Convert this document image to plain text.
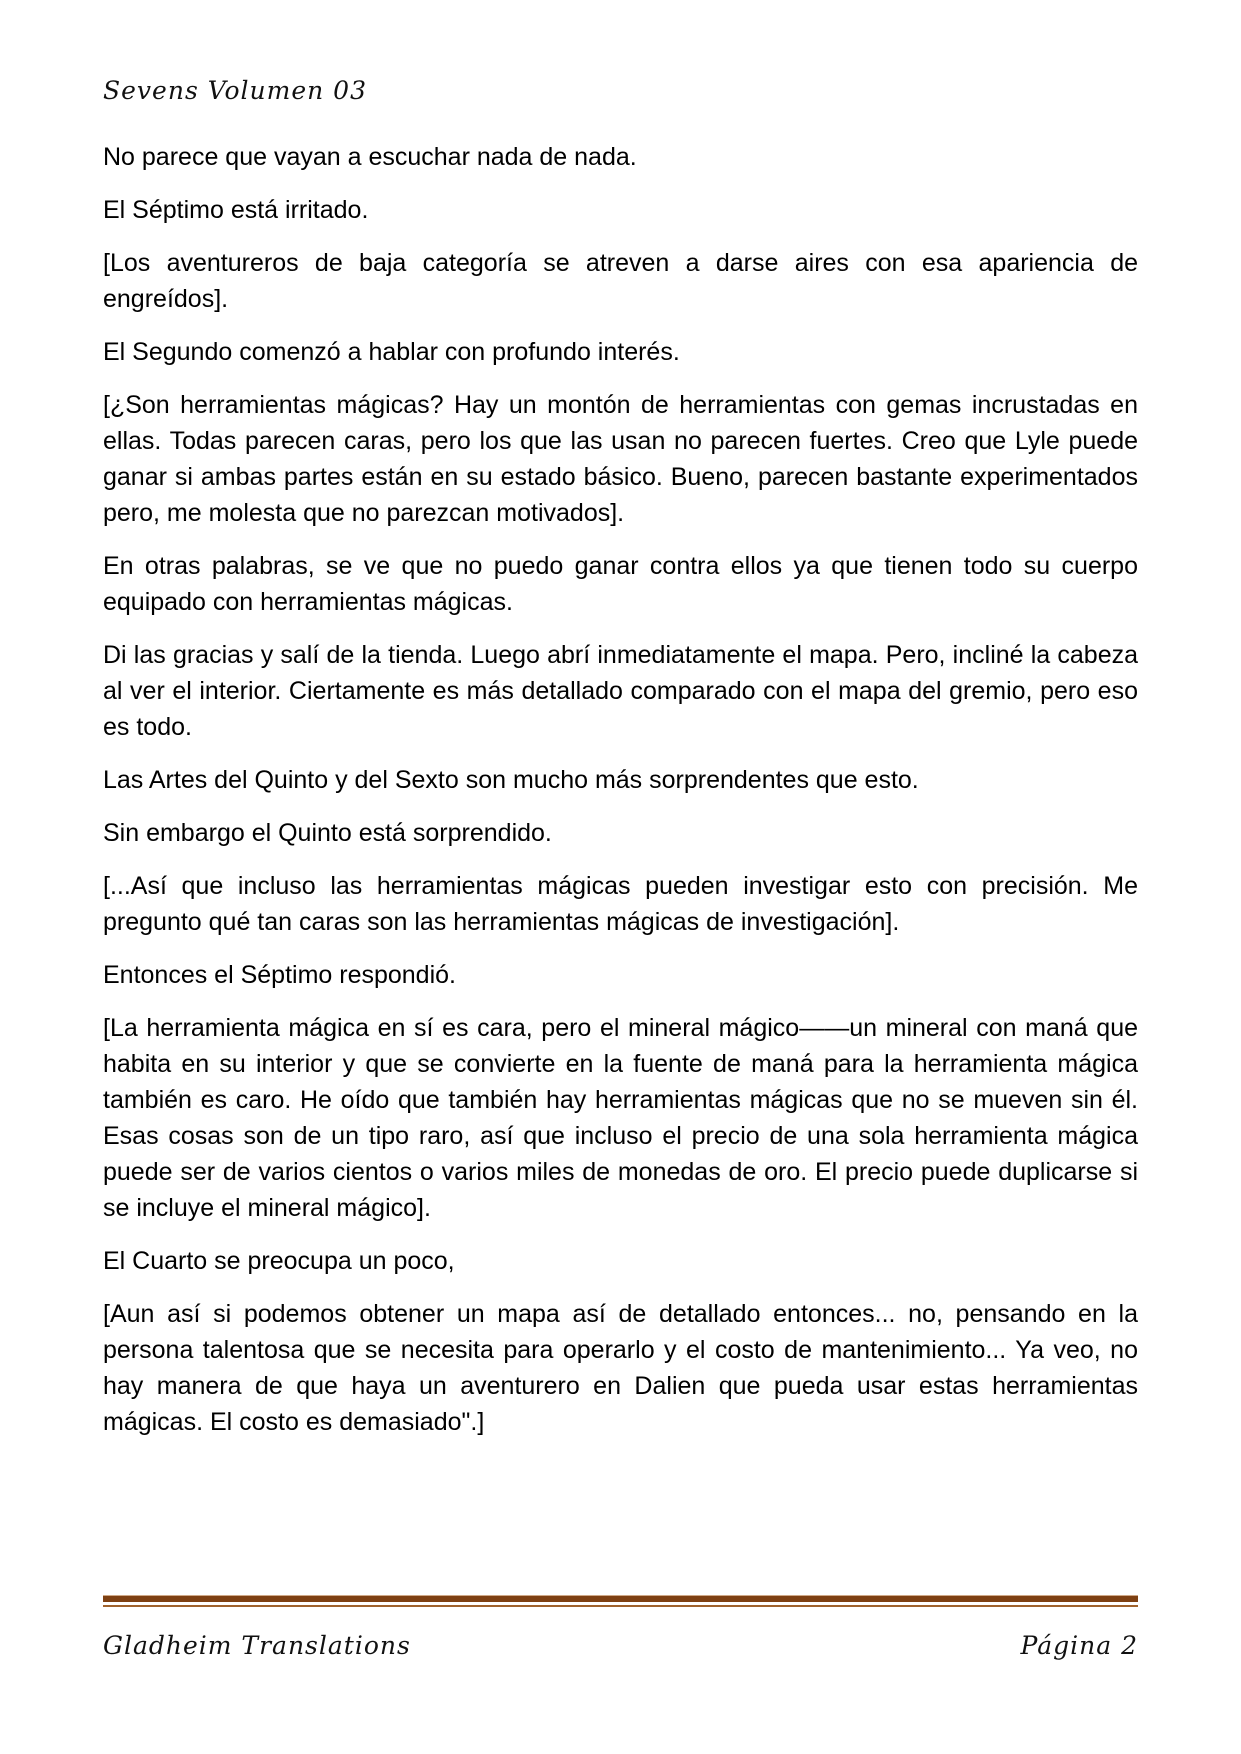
Sevens Volumen 03

No parece que vayan a escuchar nada de nada.

El Séptimo está irritado.

[Los aventureros de baja categoría se atreven a darse aires con esa apariencia de engreídos].

El Segundo comenzó a hablar con profundo interés.

[¿Son herramientas mágicas? Hay un montón de herramientas con gemas incrustadas en ellas. Todas parecen caras, pero los que las usan no parecen fuertes. Creo que Lyle puede ganar si ambas partes están en su estado básico. Bueno, parecen bastante experimentados pero, me molesta que no parezcan motivados].

En otras palabras, se ve que no puedo ganar contra ellos ya que tienen todo su cuerpo equipado con herramientas mágicas.

Di las gracias y salí de la tienda. Luego abrí inmediatamente el mapa. Pero, incliné la cabeza al ver el interior. Ciertamente es más detallado comparado con el mapa del gremio, pero eso es todo.

Las Artes del Quinto y del Sexto son mucho más sorprendentes que esto.

Sin embargo el Quinto está sorprendido.

[...Así que incluso las herramientas mágicas pueden investigar esto con precisión. Me pregunto qué tan caras son las herramientas mágicas de investigación].

Entonces el Séptimo respondió.

[La herramienta mágica en sí es cara, pero el mineral mágico——un mineral con maná que habita en su interior y que se convierte en la fuente de maná para la herramienta mágica también es caro. He oído que también hay herramientas mágicas que no se mueven sin él. Esas cosas son de un tipo raro, así que incluso el precio de una sola herramienta mágica puede ser de varios cientos o varios miles de monedas de oro. El precio puede duplicarse si se incluye el mineral mágico].

El Cuarto se preocupa un poco,

[Aun así si podemos obtener un mapa así de detallado entonces... no, pensando en la persona talentosa que se necesita para operarlo y el costo de mantenimiento... Ya veo, no hay manera de que haya un aventurero en Dalien que pueda usar estas herramientas mágicas. El costo es demasiado".]

Gladheim Translations	Página 2
